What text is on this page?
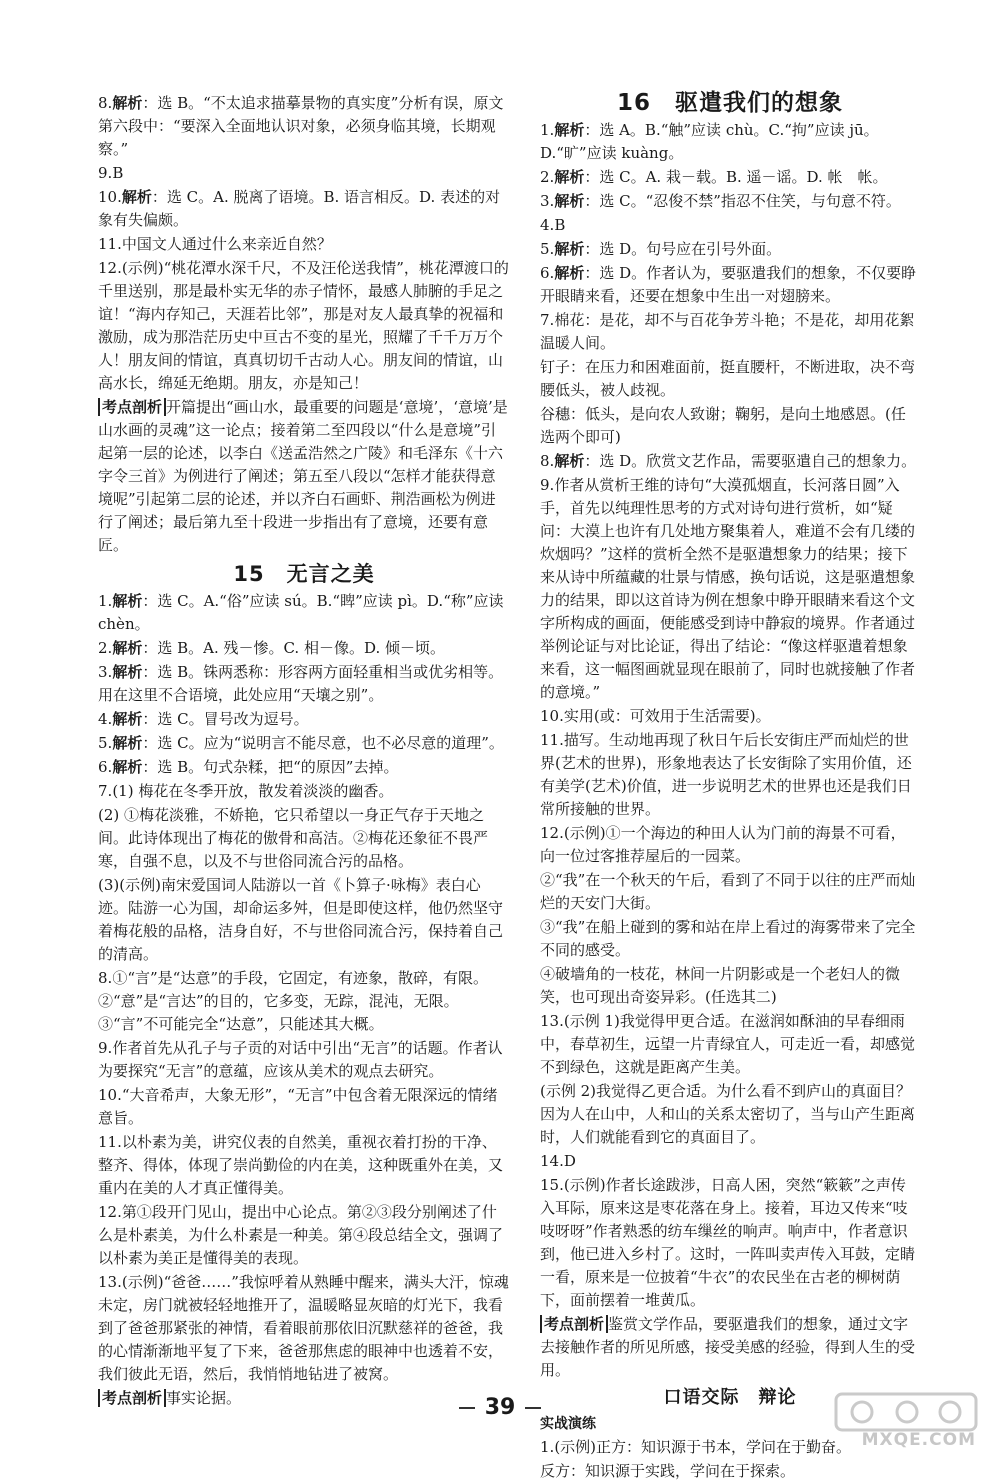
8.解析：选 B。“不太追求描摹景物的真实度”分析有误，原文第六段中：“要深入全面地认识对象，必须身临其境，长期观察。”
9.B
10.解析：选 C。A. 脱离了语境。B. 语言相反。D. 表述的对象有失偏颇。
11.中国文人通过什么来亲近自然？
12.(示例)“桃花潭水深千尺，不及汪伦送我情”，桃花潭渡口的千里送别，那是最朴实无华的赤子情怀，最感人肺腑的手足之谊！“海内存知己，天涯若比邻”，那是对友人最真挚的祝福和激励，成为那浩茫历史中亘古不变的星光，照耀了千千万万个人！朋友间的情谊，真真切切千古动人心。朋友间的情谊，山高水长，绵延无绝期。朋友，亦是知己！
考点剖析 开篇提出“画山水，最重要的问题是‘意境’，‘意境’是山水画的灵魂”这一论点；接着第二至四段以“什么是意境”引起第一层的论述，以李白《送孟浩然之广陵》和毛泽东《十六字令三首》为例进行了阐述；第五至八段以“怎样才能获得意境呢”引起第二层的论述，并以齐白石画虾、荆浩画松为例进行了阐述；最后第九至十段进一步指出有了意境，还要有意匠。
15　无言之美
1.解析：选 C。A.“俗”应读 sú。B.“睥”应读 pì。D.“称”应读 chèn。
2.解析：选 B。A. 残－惨。C. 相－像。D. 倾－顷。
3.解析：选 B。铢两悉称：形容两方面轻重相当或优劣相等。用在这里不合语境，此处应用“天壤之别”。
4.解析：选 C。冒号改为逗号。
5.解析：选 C。应为“说明言不能尽意，也不必尽意的道理”。
6.解析：选 B。句式杂糅，把“的原因”去掉。
7.(1) 梅花在冬季开放，散发着淡淡的幽香。
(2) ①梅花淡雅，不娇艳，它只希望以一身正气存于天地之间。此诗体现出了梅花的傲骨和高洁。②梅花还象征不畏严寒，自强不息，以及不与世俗同流合污的品格。
(3)(示例)南宋爱国词人陆游以一首《卜算子·咏梅》表白心迹。陆游一心为国，却命运多舛，但是即使这样，他仍然坚守着梅花般的品格，洁身自好，不与世俗同流合污，保持着自己的清高。
8.①“言”是“达意”的手段，它固定，有迹象，散碎，有限。②“意”是“言达”的目的，它多变，无踪，混沌，无限。③“言”不可能完全“达意”，只能述其大概。
9.作者首先从孔子与子贡的对话中引出“无言”的话题。作者认为要探究“无言”的意蕴，应该从美术的观点去研究。
10.“大音希声，大象无形”，“无言”中包含着无限深远的情绪意旨。
11.以朴素为美，讲究仪表的自然美，重视衣着打扮的干净、整齐、得体，体现了崇尚勤俭的内在美，这种既重外在美，又重内在美的人才真正懂得美。
12.第①段开门见山，提出中心论点。第②③段分别阐述了什么是朴素美，为什么朴素是一种美。第④段总结全文，强调了以朴素为美正是懂得美的表现。
13.(示例)“爸爸……”我惊呼着从熟睡中醒来，满头大汗，惊魂未定，房门就被轻轻地推开了，温暖略显灰暗的灯光下，我看到了爸爸那紧张的神情，看着眼前那依旧沉默慈祥的爸爸，我的心情渐渐地平复了下来，爸爸那焦虑的眼神中也透着不安，我们彼此无语，然后，我悄悄地钻进了被窝。
考点剖析 事实论据。
16　驱遣我们的想象
1.解析：选 A。B.“触”应读 chù。C.“拘”应读 jū。D.“旷”应读 kuàng。
2.解析：选 C。A. 栽－载。B. 遥－谣。D. 帐　帐。
3.解析：选 C。“忍俊不禁”指忍不住笑，与句意不符。
4.B
5.解析：选 D。句号应在引号外面。
6.解析：选 D。作者认为，要驱遣我们的想象，不仅要睁开眼睛来看，还要在想象中生出一对翅膀来。
7.棉花：是花，却不与百花争芳斗艳；不是花，却用花絮温暖人间。
钉子：在压力和困难面前，挺直腰杆，不断进取，决不弯腰低头，被人歧视。
谷穗：低头，是向农人致谢；鞠躬，是向土地感恩。(任选两个即可)
8.解析：选 D。欣赏文艺作品，需要驱遣自己的想象力。
9.作者从赏析王维的诗句“大漠孤烟直，长河落日圆”入手，首先以纯理性思考的方式对诗句进行赏析，如“疑问：大漠上也许有几处地方聚集着人，难道不会有几缕的炊烟吗？”这样的赏析全然不是驱遣想象力的结果；接下来从诗中所蕴藏的壮景与情感，换句话说，这是驱遣想象力的结果，即以这首诗为例在想象中睁开眼睛来看这个文字所构成的画面，便能感受到诗中静寂的境界。作者通过举例论证与对比论证，得出了结论：“像这样驱遣着想象来看，这一幅图画就显现在眼前了，同时也就接触了作者的意境。”
10.实用(或：可效用于生活需要)。
11.描写。生动地再现了秋日午后长安街庄严而灿烂的世界(艺术的世界)，形象地表达了长安街除了实用价值，还有美学(艺术)价值，进一步说明艺术的世界也还是我们日常所接触的世界。
12.(示例)①一个海边的种田人认为门前的海景不可看，向一位过客推荐屋后的一园菜。
②“我”在一个秋天的午后，看到了不同于以往的庄严而灿烂的天安门大街。
③“我”在船上碰到的雾和站在岸上看过的海雾带来了完全不同的感受。
④破墙角的一枝花，林间一片阴影或是一个老妇人的微笑，也可现出奇姿异彩。(任选其二)
13.(示例 1)我觉得甲更合适。在滋润如酥油的早春细雨中，春草初生，远望一片青绿宜人，可走近一看，却感觉不到绿色，这就是距离产生美。
(示例 2)我觉得乙更合适。为什么看不到庐山的真面目？因为人在山中，人和山的关系太密切了，当与山产生距离时，人们就能看到它的真面目了。
14.D
15.(示例)作者长途跋涉，日高人困，突然“簌簌”之声传入耳际，原来这是枣花落在身上。接着，耳边又传来“吱吱呀呀”作者熟悉的纺车缫丝的响声。响声中，作者意识到，他已进入乡村了。这时，一阵叫卖声传入耳鼓，定睛一看，原来是一位披着“牛衣”的农民坐在古老的柳树荫下，面前摆着一堆黄瓜。
考点剖析 鉴赏文学作品，要驱遣我们的想象，通过文字去接触作者的所见所感，接受美感的经验，得到人生的受用。
口语交际　辩论
实战演练
1.(示例)正方：知识源于书本，学问在于勤奋。
反方：知识源于实践，学问在于探索。
39
MXQE.COM
